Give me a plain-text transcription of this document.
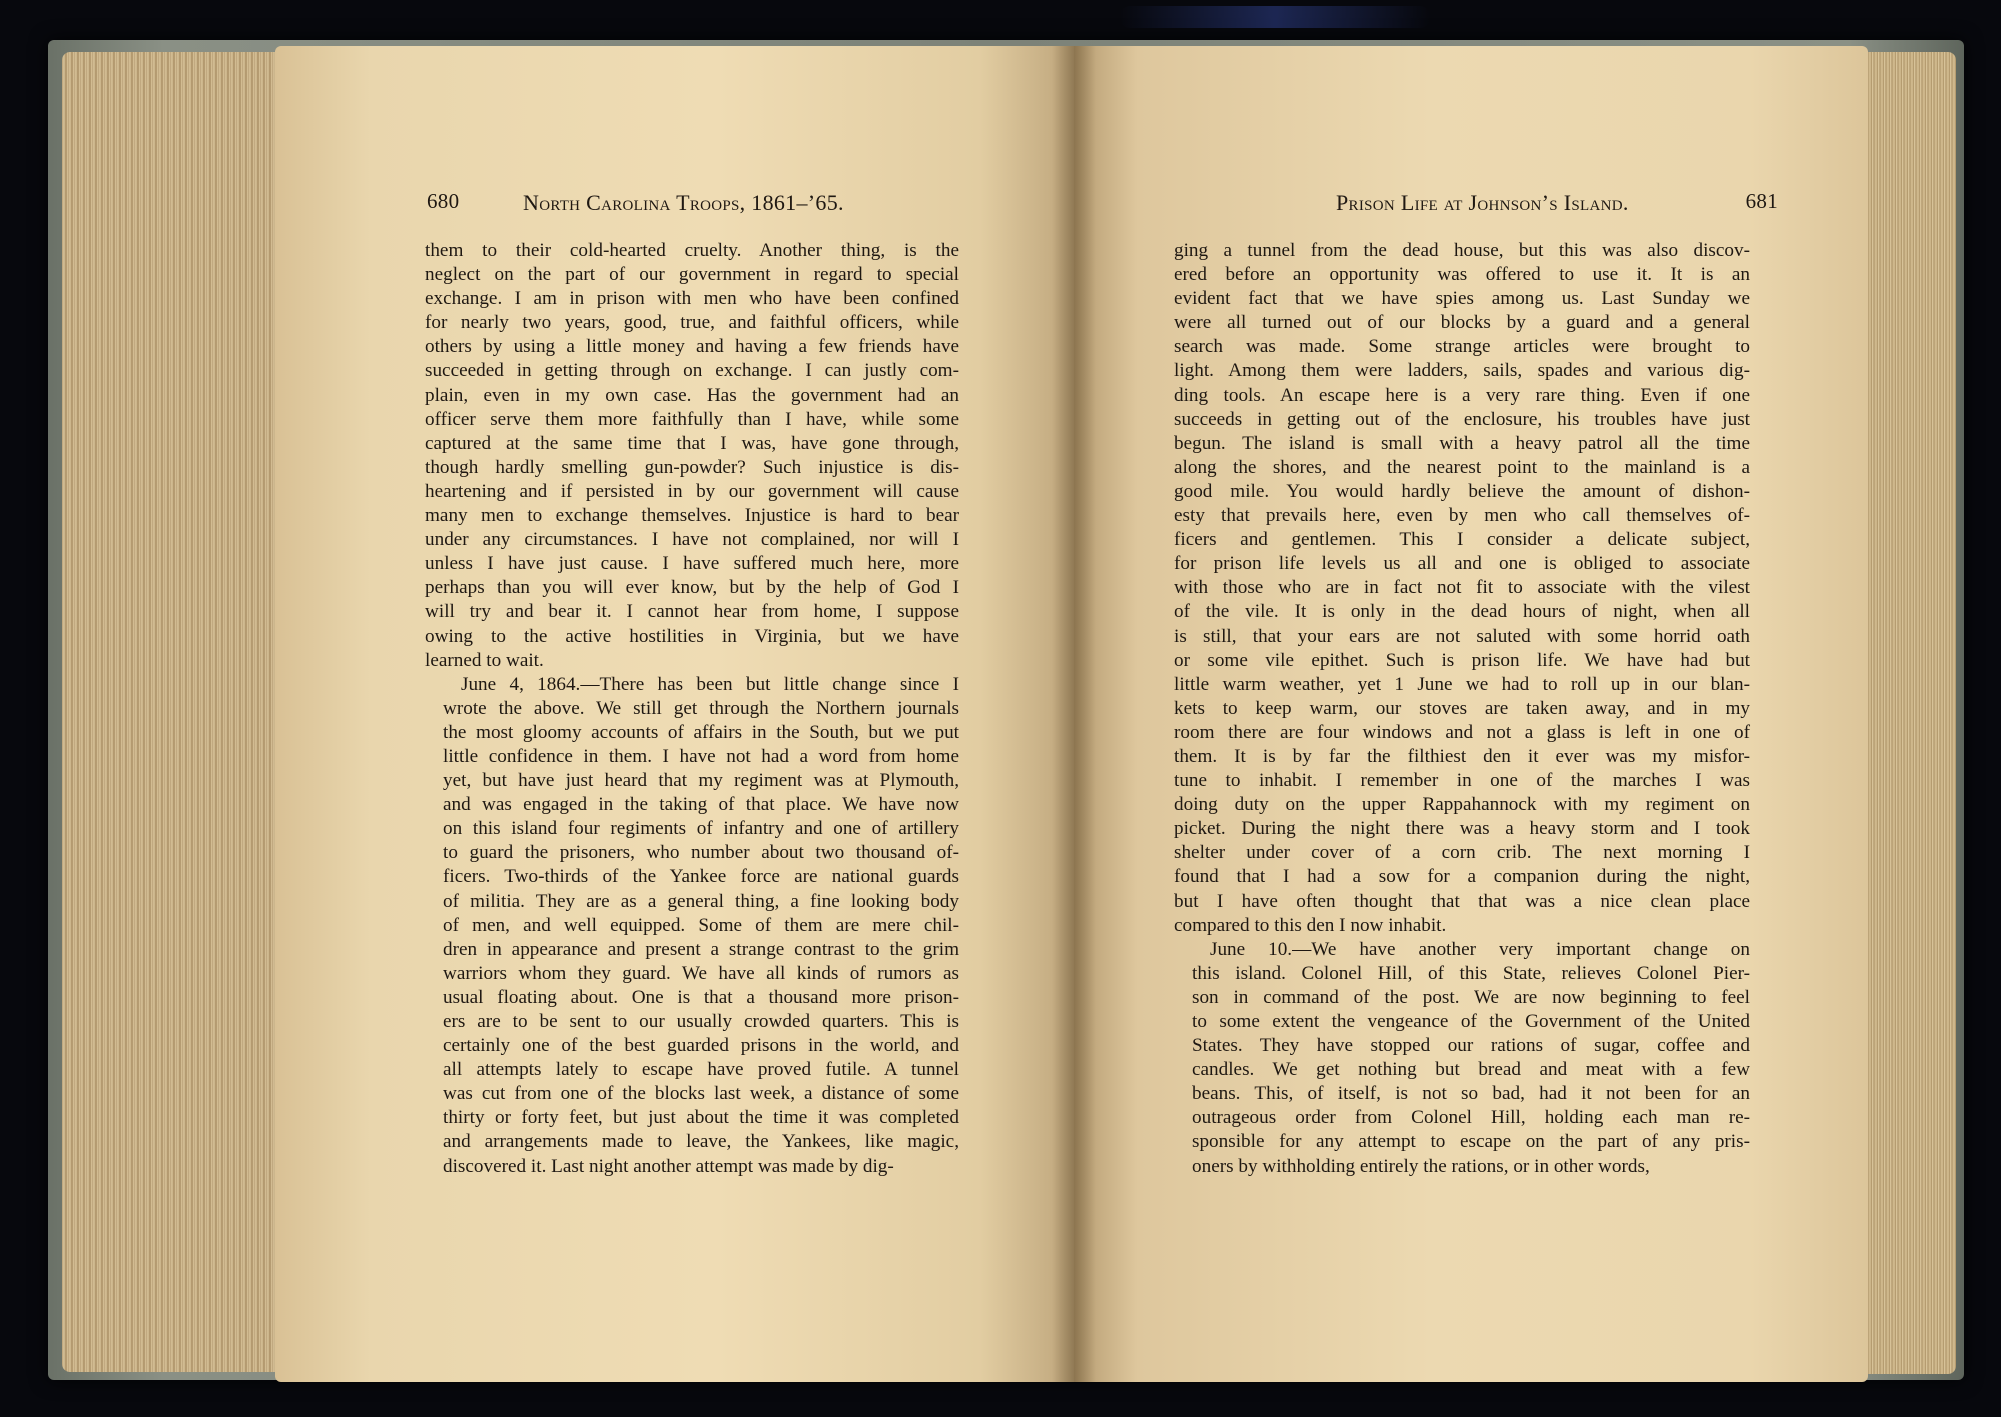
680	North Carolina Troops, 1861–’65.
them to their cold-hearted cruelty. Another thing, is the
neglect on the part of our government in regard to special
exchange. I am in prison with men who have been confined
for nearly two years, good, true, and faithful officers, while
others by using a little money and having a few friends have
succeeded in getting through on exchange. I can justly com-
plain, even in my own case. Has the government had an
officer serve them more faithfully than I have, while some
captured at the same time that I was, have gone through,
though hardly smelling gun-powder? Such injustice is dis-
heartening and if persisted in by our government will cause
many men to exchange themselves. Injustice is hard to bear
under any circumstances. I have not complained, nor will I
unless I have just cause. I have suffered much here, more
perhaps than you will ever know, but by the help of God I
will try and bear it. I cannot hear from home, I suppose
owing to the active hostilities in Virginia, but we have
learned to wait.
June 4, 1864.—There has been but little change since I
wrote the above. We still get through the Northern journals
the most gloomy accounts of affairs in the South, but we put
little confidence in them. I have not had a word from home
yet, but have just heard that my regiment was at Plymouth,
and was engaged in the taking of that place. We have now
on this island four regiments of infantry and one of artillery
to guard the prisoners, who number about two thousand of-
ficers. Two-thirds of the Yankee force are national guards
of militia. They are as a general thing, a fine looking body
of men, and well equipped. Some of them are mere chil-
dren in appearance and present a strange contrast to the grim
warriors whom they guard. We have all kinds of rumors as
usual floating about. One is that a thousand more prison-
ers are to be sent to our usually crowded quarters. This is
certainly one of the best guarded prisons in the world, and
all attempts lately to escape have proved futile. A tunnel
was cut from one of the blocks last week, a distance of some
thirty or forty feet, but just about the time it was completed
and arrangements made to leave, the Yankees, like magic,
discovered it. Last night another attempt was made by dig-
Prison Life at Johnson’s Island.	681
ging a tunnel from the dead house, but this was also discov-
ered before an opportunity was offered to use it. It is an
evident fact that we have spies among us. Last Sunday we
were all turned out of our blocks by a guard and a general
search was made. Some strange articles were brought to
light. Among them were ladders, sails, spades and various dig-
ding tools. An escape here is a very rare thing. Even if one
succeeds in getting out of the enclosure, his troubles have just
begun. The island is small with a heavy patrol all the time
along the shores, and the nearest point to the mainland is a
good mile. You would hardly believe the amount of dishon-
esty that prevails here, even by men who call themselves of-
ficers and gentlemen. This I consider a delicate subject,
for prison life levels us all and one is obliged to associate
with those who are in fact not fit to associate with the vilest
of the vile. It is only in the dead hours of night, when all
is still, that your ears are not saluted with some horrid oath
or some vile epithet. Such is prison life. We have had but
little warm weather, yet 1 June we had to roll up in our blan-
kets to keep warm, our stoves are taken away, and in my
room there are four windows and not a glass is left in one of
them. It is by far the filthiest den it ever was my misfor-
tune to inhabit. I remember in one of the marches I was
doing duty on the upper Rappahannock with my regiment on
picket. During the night there was a heavy storm and I took
shelter under cover of a corn crib. The next morning I
found that I had a sow for a companion during the night,
but I have often thought that that was a nice clean place
compared to this den I now inhabit.
June 10.—We have another very important change on
this island. Colonel Hill, of this State, relieves Colonel Pier-
son in command of the post. We are now beginning to feel
to some extent the vengeance of the Government of the United
States. They have stopped our rations of sugar, coffee and
candles. We get nothing but bread and meat with a few
beans. This, of itself, is not so bad, had it not been for an
outrageous order from Colonel Hill, holding each man re-
sponsible for any attempt to escape on the part of any pris-
oners by withholding entirely the rations, or in other words,
